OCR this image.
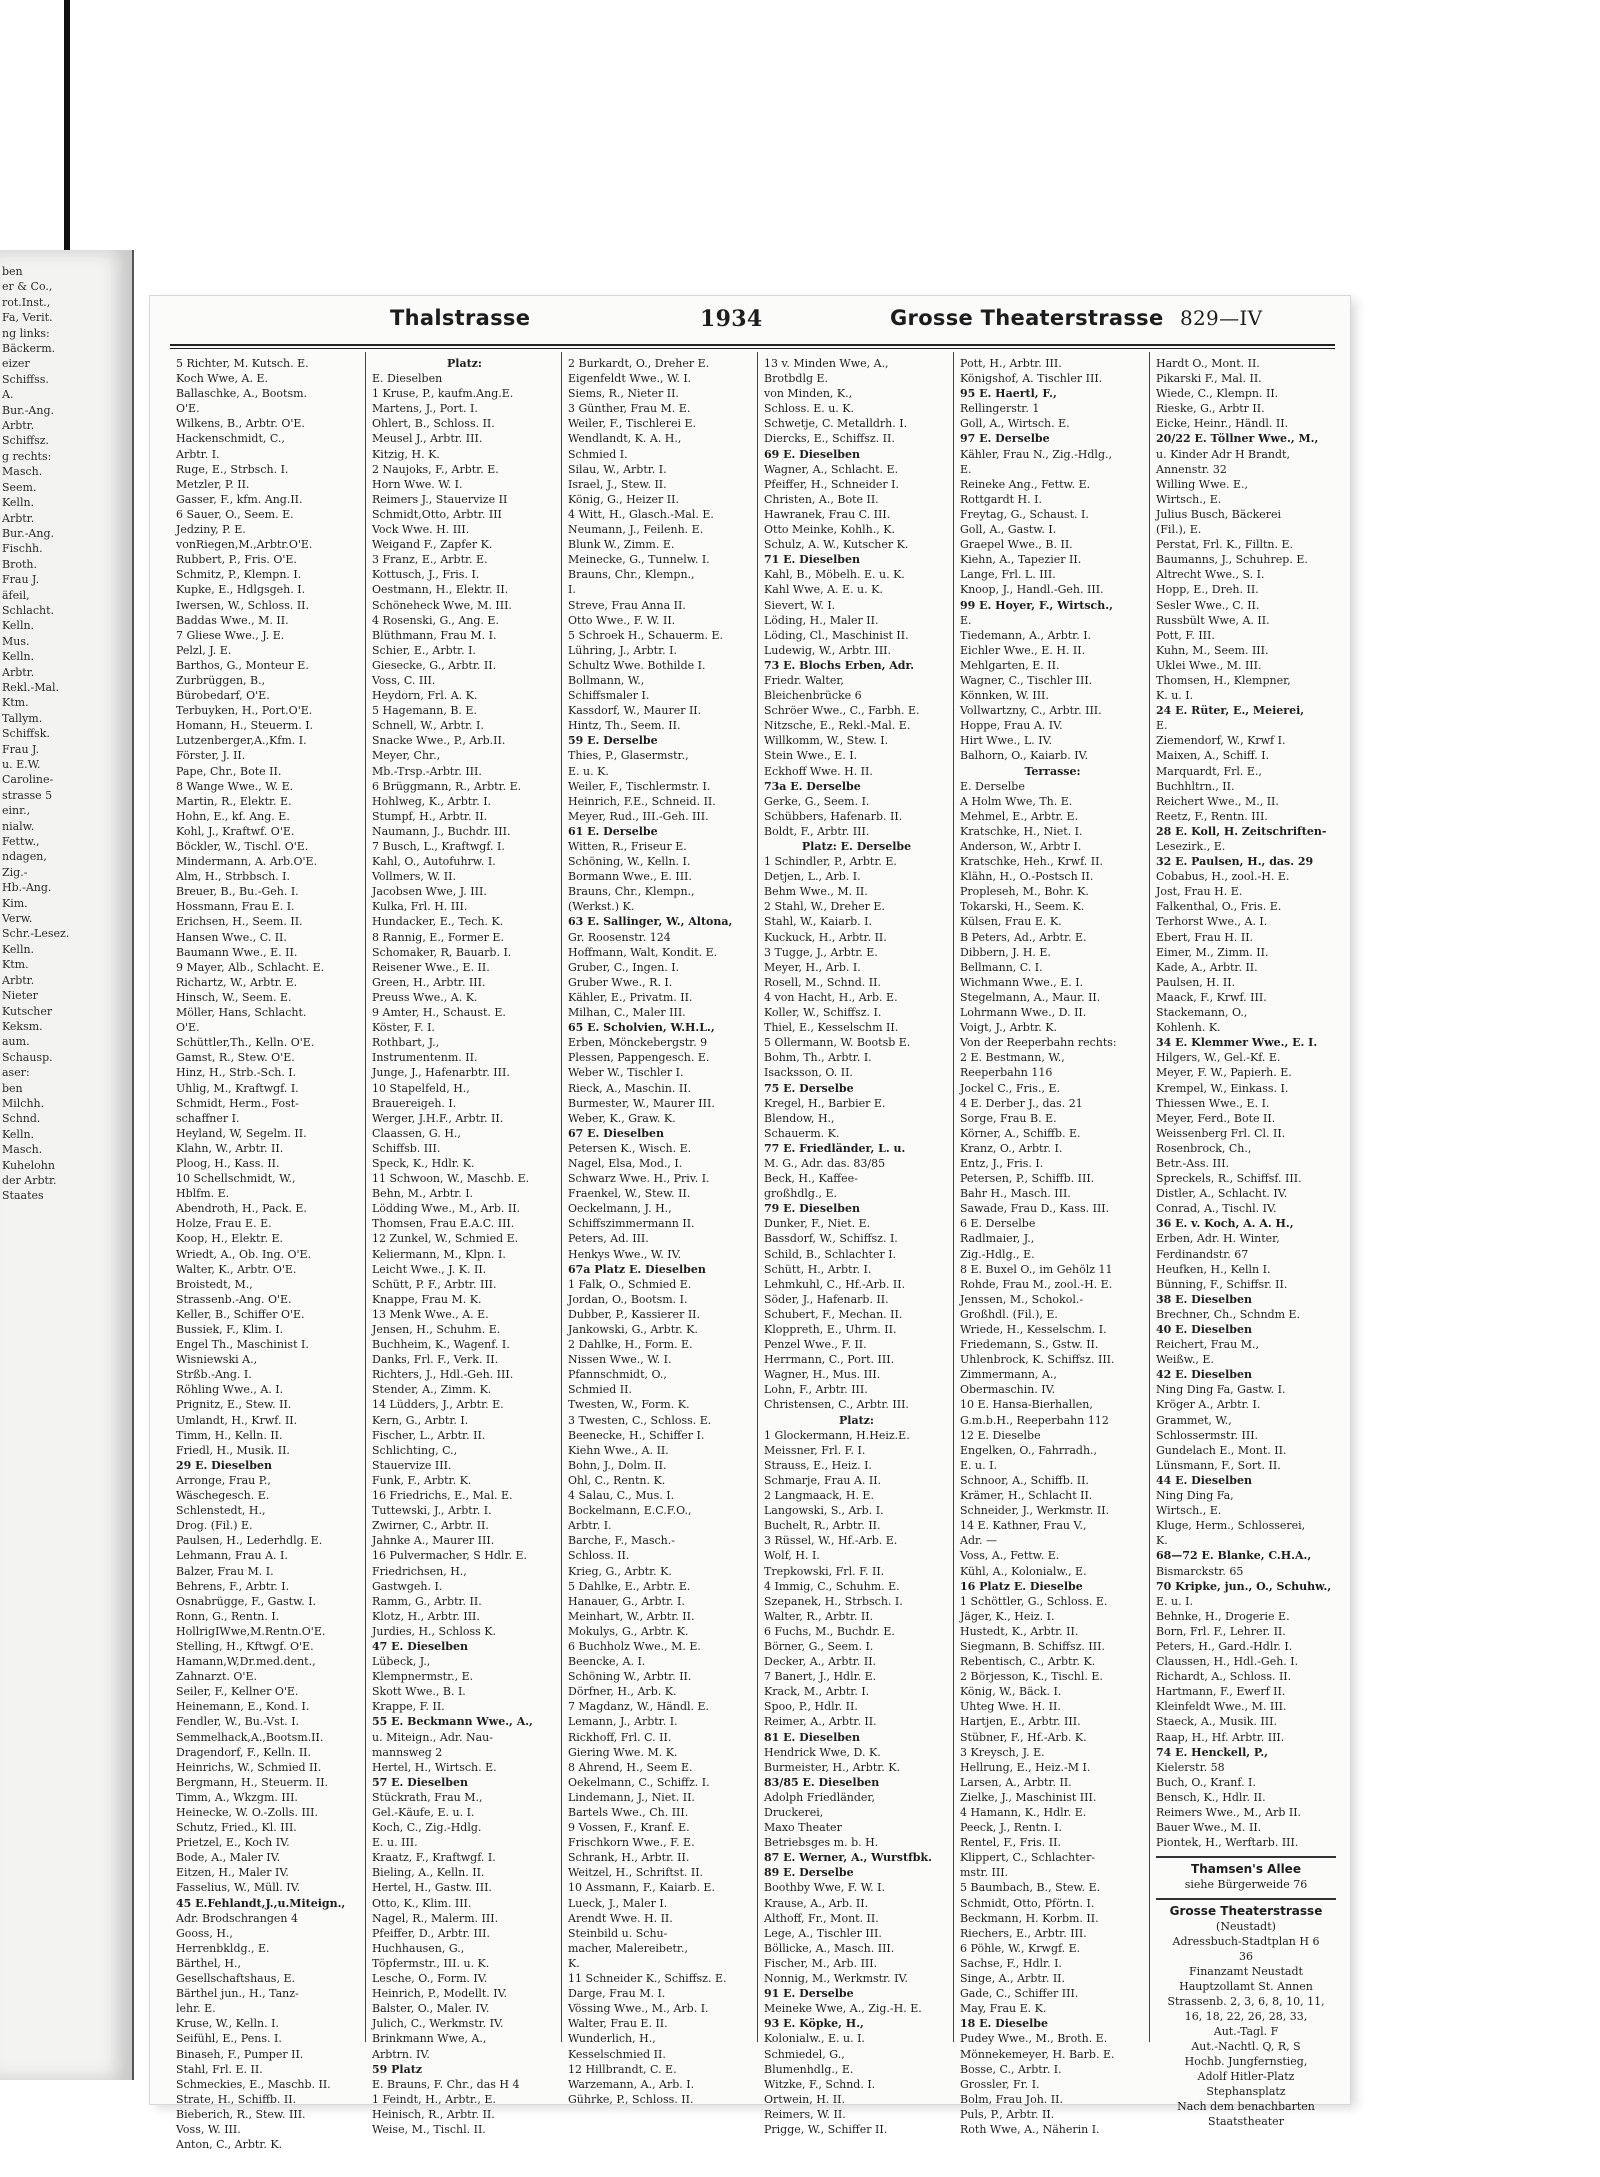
ben
er & Co.,
rot.Inst.,
Fa, Verit.
ng links:
Bäckerm.
eizer
Schiffss.
A.
Bur.-Ang.
Arbtr.
Schiffsz.
g rechts:
Masch.
Seem.
Kelln.
Arbtr.
Bur.-Ang.
Fischh.
Broth.
Frau J.
äfeil,
Schlacht.
Kelln.
Mus.
Kelln.
Arbtr.
Rekl.-Mal.
Ktm.
Tallym.
Schiffsk.
Frau J.
u. E.W.
Caroline-
strasse 5
einr.,
nialw.
Fettw.,
ndagen,
Zig.-
Hb.-Ang.
Kim.
Verw.
Schr.-Lesez.
Kelln.
Ktm.
Arbtr.
Nieter
Kutscher
Keksm.
aum.
Schausp.
aser:
ben
Milchh.
Schnd.
Kelln.
Masch.
Kuhelohn
der Arbtr.
Staates
Thalstrasse	1934	Grosse Theaterstrasse 829—IV
5 Richter, M. Kutsch. E.
Koch Wwe, A. E.
Ballaschke, A., Bootsm.
O'E.
Wilkens, B., Arbtr. O'E.
Hackenschmidt, C.,
Arbtr. I.
Ruge, E., Strbsch. I.
Metzler, P. II.
Gasser, F., kfm. Ang.II.
6 Sauer, O., Seem. E.
Jedziny, P. E.
vonRiegen,M.,Arbtr.O'E.
Rubbert, P., Fris. O'E.
Schmitz, P., Klempn. I.
Kupke, E., Hdlgsgeh. I.
Iwersen, W., Schloss. II.
Baddas Wwe., M. II.
7 Gliese Wwe., J. E.
Pelzl, J. E.
Barthos, G., Monteur E.
Zurbrüggen, B.,
Bürobedarf, O'E.
Terbuyken, H., Port.O'E.
Homann, H., Steuerm. I.
Lutzenberger,A.,Kfm. I.
Förster, J. II.
Pape, Chr., Bote II.
8 Wange Wwe., W. E.
Martin, R., Elektr. E.
Hohn, E., kf. Ang. E.
Kohl, J., Kraftwf. O'E.
Böckler, W., Tischl. O'E.
Mindermann, A. Arb.O'E.
Alm, H., Strbbsch. I.
Breuer, B., Bu.-Geh. I.
Hossmann, Frau E. I.
Erichsen, H., Seem. II.
Hansen Wwe., C. II.
Baumann Wwe., E. II.
9 Mayer, Alb., Schlacht. E.
Richartz, W., Arbtr. E.
Hinsch, W., Seem. E.
Möller, Hans, Schlacht.
O'E.
Schüttler,Th., Kelln. O'E.
Gamst, R., Stew. O'E.
Hinz, H., Strb.-Sch. I.
Uhlig, M., Kraftwgf. I.
Schmidt, Herm., Fost-
schaffner I.
Heyland, W, Segelm. II.
Klahn, W., Arbtr. II.
Ploog, H., Kass. II.
10 Schellschmidt, W.,
Hblfm. E.
Abendroth, H., Pack. E.
Holze, Frau E. E.
Koop, H., Elektr. E.
Wriedt, A., Ob. Ing. O'E.
Walter, K., Arbtr. O'E.
Broistedt, M.,
Strassenb.-Ang. O'E.
Keller, B., Schiffer O'E.
Bussiek, F., Klim. I.
Engel Th., Maschinist I.
Wisniewski A.,
Strßb.-Ang. I.
Röhling Wwe., A. I.
Prignitz, E., Stew. II.
Umlandt, H., Krwf. II.
Timm, H., Kelln. II.
Friedl, H., Musik. II.
29 E. Dieselben
Arronge, Frau P.,
Wäschegesch. E.
Schlenstedt, H.,
Drog. (Fil.) E.
Paulsen, H., Lederhdlg. E.
Lehmann, Frau A. I.
Balzer, Frau M. I.
Behrens, F., Arbtr. I.
Osnabrügge, F., Gastw. I.
Ronn, G., Rentn. I.
HollrigIWwe,M.Rentn.O'E.
Stelling, H., Kftwgf. O'E.
Hamann,W,Dr.med.dent.,
Zahnarzt. O'E.
Seiler, F., Kellner O'E.
Heinemann, E., Kond. I.
Fendler, W., Bu.-Vst. I.
Semmelhack,A.,Bootsm.II.
Dragendorf, F., Kelln. II.
Heinrichs, W., Schmied II.
Bergmann, H., Steuerm. II.
Timm, A., Wkzgm. III.
Heinecke, W. O.-Zolls. III.
Schutz, Fried., Kl. III.
Prietzel, E., Koch IV.
Bode, A., Maler IV.
Eitzen, H., Maler IV.
Fasselius, W., Müll. IV.
45 E.Fehlandt,J.,u.Miteign.,
Adr. Brodschrangen 4
Gooss, H.,
Herrenbkldg., E.
Bärthel, H.,
Gesellschaftshaus, E.
Bärthel jun., H., Tanz-
lehr. E.
Kruse, W., Kelln. I.
Seifühl, E., Pens. I.
Binaseh, F., Pumper II.
Stahl, Frl. E. II.
Schmeckies, E., Maschb. II.
Strate, H., Schiffb. II.
Bieberich, R., Stew. III.
Voss, W. III.
Anton, C., Arbtr. K.
Platz:
E. Dieselben
1 Kruse, P., kaufm.Ang.E.
Martens, J., Port. I.
Ohlert, B., Schloss. II.
Meusel J., Arbtr. III.
Kitzig, H. K.
2 Naujoks, F., Arbtr. E.
Horn Wwe. W. I.
Reimers J., Stauervize II
Schmidt,Otto, Arbtr. III
Vock Wwe. H. III.
Weigand F., Zapfer K.
3 Franz, E., Arbtr. E.
Kottusch, J., Fris. I.
Oestmann, H., Elektr. II.
Schöneheck Wwe, M. III.
4 Rosenski, G., Ang. E.
Blüthmann, Frau M. I.
Schier, E., Arbtr. I.
Giesecke, G., Arbtr. II.
Voss, C. III.
Heydorn, Frl. A. K.
5 Hagemann, B. E.
Schnell, W., Arbtr. I.
Snacke Wwe., P., Arb.II.
Meyer, Chr.,
Mb.-Trsp.-Arbtr. III.
6 Brüggmann, R., Arbtr. E.
Hohlweg, K., Arbtr. I.
Stumpf, H., Arbtr. II.
Naumann, J., Buchdr. III.
7 Busch, L., Kraftwgf. I.
Kahl, O., Autofuhrw. I.
Vollmers, W. II.
Jacobsen Wwe, J. III.
Kulka, Frl. H. III.
Hundacker, E., Tech. K.
8 Rannig, E., Former E.
Schomaker, R, Bauarb. I.
Reisener Wwe., E. II.
Green, H., Arbtr. III.
Preuss Wwe., A. K.
9 Amter, H., Schaust. E.
Köster, F. I.
Rothbart, J.,
Instrumentenm. II.
Junge, J., Hafenarbtr. III.
10 Stapelfeld, H.,
Brauereigeh. I.
Werger, J.H.F., Arbtr. II.
Claassen, G. H.,
Schiffsb. III.
Speck, K., Hdlr. K.
11 Schwoon, W., Maschb. E.
Behn, M., Arbtr. I.
Lödding Wwe., M., Arb. II.
Thomsen, Frau E.A.C. III.
12 Zunkel, W., Schmied E.
Keliermann, M., Klpn. I.
Leicht Wwe., J. K. II.
Schütt, P. F., Arbtr. III.
Knappe, Frau M. K.
13 Menk Wwe., A. E.
Jensen, H., Schuhm. E.
Buchheim, K., Wagenf. I.
Danks, Frl. F., Verk. II.
Richters, J., Hdl.-Geh. III.
Stender, A., Zimm. K.
14 Lüdders, J., Arbtr. E.
Kern, G., Arbtr. I.
Fischer, L., Arbtr. II.
Schlichting, C.,
Stauervize III.
Funk, F., Arbtr. K.
16 Friedrichs, E., Mal. E.
Tuttewski, J., Arbtr. I.
Zwirner, C., Arbtr. II.
Jahnke A., Maurer III.
16 Pulvermacher, S Hdlr. E.
Friedrichsen, H.,
Gastwgeh. I.
Ramm, G., Arbtr. II.
Klotz, H., Arbtr. III.
Jurdies, H., Schloss K.
47 E. Dieselben
Lübeck, J.,
Klempnermstr., E.
Skott Wwe., B. I.
Krappe, F. II.
55 E. Beckmann Wwe., A.,
u. Miteign., Adr. Nau-
mannsweg 2
Hertel, H., Wirtsch. E.
57 E. Dieselben
Stückrath, Frau M.,
Gel.-Käufe, E. u. I.
Koch, C., Zig.-Hdlg.
E. u. III.
Kraatz, F., Kraftwgf. I.
Bieling, A., Kelln. II.
Hertel, H., Gastw. III.
Otto, K., Klim. III.
Nagel, R., Malerm. III.
Pfeiffer, D., Arbtr. III.
Huchhausen, G.,
Töpfermstr., III. u. K.
Lesche, O., Form. IV.
Heinrich, P., Modellt. IV.
Balster, O., Maler. IV.
Julich, C., Werkmstr. IV.
Brinkmann Wwe, A.,
Arbtrn. IV.
59 Platz
E. Brauns, F. Chr., das H 4
1 Feindt, H., Arbtr., E.
Heinisch, R., Arbtr. II.
Weise, M., Tischl. II.
2 Burkardt, O., Dreher E.
Eigenfeldt Wwe., W. I.
Siems, R., Nieter II.
3 Günther, Frau M. E.
Weiler, F., Tischlerei E.
Wendlandt, K. A. H.,
Schmied I.
Silau, W., Arbtr. I.
Israel, J., Stew. II.
König, G., Heizer II.
4 Witt, H., Glasch.-Mal. E.
Neumann, J., Feilenh. E.
Blunk W., Zimm. E.
Meinecke, G., Tunnelw. I.
Brauns, Chr., Klempn.,
I.
Streve, Frau Anna II.
Otto Wwe., F. W. II.
5 Schroek H., Schauerm. E.
Lühring, J., Arbtr. I.
Schultz Wwe. Bothilde I.
Bollmann, W.,
Schiffsmaler I.
Kassdorf, W., Maurer II.
Hintz, Th., Seem. II.
59 E. Derselbe
Thies, P., Glasermstr.,
E. u. K.
Weiler, F., Tischlermstr. I.
Heinrich, F.E., Schneid. II.
Meyer, Rud., III.-Geh. III.
61 E. Derselbe
Witten, R., Friseur E.
Schöning, W., Kelln. I.
Bormann Wwe., E. III.
Brauns, Chr., Klempn.,
(Werkst.) K.
63 E. Sallinger, W., Altona,
Gr. Roosenstr. 124
Hoffmann, Walt, Kondit. E.
Gruber, C., Ingen. I.
Gruber Wwe., R. I.
Kähler, E., Privatm. II.
Milhan, C., Maler III.
65 E. Scholvien, W.H.L.,
Erben, Mönckebergstr. 9
Plessen, Pappengesch. E.
Weber W., Tischler I.
Rieck, A., Maschin. II.
Burmester, W., Maurer III.
Weber, K., Graw. K.
67 E. Dieselben
Petersen K., Wisch. E.
Nagel, Elsa, Mod., I.
Schwarz Wwe. H., Priv. I.
Fraenkel, W., Stew. II.
Oeckelmann, J. H.,
Schiffszimmermann II.
Peters, Ad. III.
Henkys Wwe., W. IV.
67a Platz E. Dieselben
1 Falk, O., Schmied E.
Jordan, O., Bootsm. I.
Dubber, P., Kassierer II.
Jankowski, G., Arbtr. K.
2 Dahlke, H., Form. E.
Nissen Wwe., W. I.
Pfannschmidt, O.,
Schmied II.
Twesten, W., Form. K.
3 Twesten, C., Schloss. E.
Beenecke, H., Schiffer I.
Kiehn Wwe., A. II.
Bohn, J., Dolm. II.
Ohl, C., Rentn. K.
4 Salau, C., Mus. I.
Bockelmann, E.C.F.O.,
Arbtr. I.
Barche, F., Masch.-
Schloss. II.
Krieg, G., Arbtr. K.
5 Dahlke, E., Arbtr. E.
Hanauer, G., Arbtr. I.
Meinhart, W., Arbtr. II.
Mokulys, G., Arbtr. K.
6 Buchholz Wwe., M. E.
Beencke, A. I.
Schöning W., Arbtr. II.
Dörfner, H., Arb. K.
7 Magdanz, W., Händl. E.
Lemann, J., Arbtr. I.
Rickhoff, Frl. C. II.
Giering Wwe. M. K.
8 Ahrend, H., Seem E.
Oekelmann, C., Schiffz. I.
Lindemann, J., Niet. II.
Bartels Wwe., Ch. III.
9 Vossen, F., Kranf. E.
Frischkorn Wwe., F. E.
Schrank, H., Arbtr. II.
Weitzel, H., Schriftst. II.
10 Assmann, F., Kaiarb. E.
Lueck, J., Maler I.
Arendt Wwe. H. II.
Steinbild u. Schu-
macher, Malereibetr.,
K.
11 Schneider K., Schiffsz. E.
Darge, Frau M. I.
Vössing Wwe., M., Arb. I.
Walter, Frau E. II.
Wunderlich, H.,
Kesselschmied II.
12 Hillbrandt, C. E.
Warzemann, A., Arb. I.
Gührke, P., Schloss. II.
13 v. Minden Wwe, A.,
Brotbdlg E.
von Minden, K.,
Schloss. E. u. K.
Schwetje, C. Metalldrh. I.
Diercks, E., Schiffsz. II.
69 E. Dieselben
Wagner, A., Schlacht. E.
Pfeiffer, H., Schneider I.
Christen, A., Bote II.
Hawranek, Frau C. III.
Otto Meinke, Kohlh., K.
Schulz, A. W., Kutscher K.
71 E. Dieselben
Kahl, B., Möbelh. E. u. K.
Kahl Wwe, A. E. u. K.
Sievert, W. I.
Löding, H., Maler II.
Löding, Cl., Maschinist II.
Ludewig, W., Arbtr. III.
73 E. Blochs Erben, Adr.
Friedr. Walter,
Bleichenbrücke 6
Schröer Wwe., C., Farbh. E.
Nitzsche, E., Rekl.-Mal. E.
Willkomm, W., Stew. I.
Stein Wwe., E. I.
Eckhoff Wwe. H. II.
73a E. Derselbe
Gerke, G., Seem. I.
Schübbers, Hafenarb. II.
Boldt, F., Arbtr. III.
Platz: E. Derselbe
1 Schindler, P., Arbtr. E.
Detjen, L., Arb. I.
Behm Wwe., M. II.
2 Stahl, W., Dreher E.
Stahl, W., Kaiarb. I.
Kuckuck, H., Arbtr. II.
3 Tugge, J., Arbtr. E.
Meyer, H., Arb. I.
Rosell, M., Schnd. II.
4 von Hacht, H., Arb. E.
Koller, W., Schiffsz. I.
Thiel, E., Kesselschm II.
5 Ollermann, W. Bootsb E.
Bohm, Th., Arbtr. I.
Isacksson, O. II.
75 E. Derselbe
Kregel, H., Barbier E.
Blendow, H.,
Schauerm. K.
77 E. Friedländer, L. u.
M. G., Adr. das. 83/85
Beck, H., Kaffee-
großhdlg., E.
79 E. Dieselben
Dunker, F., Niet. E.
Bassdorf, W., Schiffsz. I.
Schild, B., Schlachter I.
Schütt, H., Arbtr. I.
Lehmkuhl, C., Hf.-Arb. II.
Söder, J., Hafenarb. II.
Schubert, F., Mechan. II.
Kloppreth, E., Uhrm. II.
Penzel Wwe., F. II.
Herrmann, C., Port. III.
Wagner, H., Mus. III.
Lohn, F., Arbtr. III.
Christensen, C., Arbtr. III.
Platz:
1 Glockermann, H.Heiz.E.
Meissner, Frl. F. I.
Strauss, E., Heiz. I.
Schmarje, Frau A. II.
2 Langmaack, H. E.
Langowski, S., Arb. I.
Buchelt, R., Arbtr. II.
3 Rüssel, W., Hf.-Arb. E.
Wolf, H. I.
Trepkowski, Frl. F. II.
4 Immig, C., Schuhm. E.
Szepanek, H., Strbsch. I.
Walter, R., Arbtr. II.
6 Fuchs, M., Buchdr. E.
Börner, G., Seem. I.
Decker, A., Arbtr. II.
7 Banert, J., Hdlr. E.
Krack, M., Arbtr. I.
Spoo, P., Hdlr. II.
Reimer, A., Arbtr. II.
81 E. Dieselben
Hendrick Wwe, D. K.
Burmeister, H., Arbtr. K.
83/85 E. Dieselben
Adolph Friedländer,
Druckerei,
Maxo Theater
Betriebsges m. b. H.
87 E. Werner, A., Wurstfbk.
89 E. Derselbe
Boothby Wwe, F. W. I.
Krause, A., Arb. II.
Althoff, Fr., Mont. II.
Lege, A., Tischler III.
Böllicke, A., Masch. III.
Fischer, M., Arb. III.
Nonnig, M., Werkmstr. IV.
91 E. Derselbe
Meineke Wwe, A., Zig.-H. E.
93 E. Köpke, H.,
Kolonialw., E. u. I.
Schmiedel, G.,
Blumenhdlg., E.
Witzke, F., Schnd. I.
Ortwein, H. II.
Reimers, W. II.
Prigge, W., Schiffer II.
Pott, H., Arbtr. III.
Königshof, A. Tischler III.
95 E. Haertl, F.,
Rellingerstr. 1
Goll, A., Wirtsch. E.
97 E. Derselbe
Kähler, Frau N., Zig.-Hdlg.,
E.
Reineke Ang., Fettw. E.
Rottgardt H. I.
Freytag, G., Schaust. I.
Goll, A., Gastw. I.
Graepel Wwe., B. II.
Kiehn, A., Tapezier II.
Lange, Frl. L. III.
Knoop, J., Handl.-Geh. III.
99 E. Hoyer, F., Wirtsch.,
E.
Tiedemann, A., Arbtr. I.
Eichler Wwe., E. H. II.
Mehlgarten, E. II.
Wagner, C., Tischler III.
Könnken, W. III.
Vollwartzny, C., Arbtr. III.
Hoppe, Frau A. IV.
Hirt Wwe., L. IV.
Balhorn, O., Kaiarb. IV.
Terrasse:
E. Derselbe
A Holm Wwe, Th. E.
Mehmel, E., Arbtr. E.
Kratschke, H., Niet. I.
Anderson, W., Arbtr I.
Kratschke, Heh., Krwf. II.
Klähn, H., O.-Postsch II.
Propleseh, M., Bohr. K.
Tokarski, H., Seem. K.
Külsen, Frau E. K.
B Peters, Ad., Arbtr. E.
Dibbern, J. H. E.
Bellmann, C. I.
Wichmann Wwe., E. I.
Stegelmann, A., Maur. II.
Lohrmann Wwe., D. II.
Voigt, J., Arbtr. K.
Von der Reeperbahn rechts:
2 E. Bestmann, W.,
Reeperbahn 116
Jockel C., Fris., E.
4 E. Derber J., das. 21
Sorge, Frau B. E.
Körner, A., Schiffb. E.
Kranz, O., Arbtr. I.
Entz, J., Fris. I.
Petersen, P., Schiffb. III.
Bahr H., Masch. III.
Sawade, Frau D., Kass. III.
6 E. Derselbe
Radlmaier, J.,
Zig.-Hdlg., E.
8 E. Buxel O., im Gehölz 11
Rohde, Frau M., zool.-H. E.
Jenssen, M., Schokol.-
Großhdl. (Fil.), E.
Wriede, H., Kesselschm. I.
Friedemann, S., Gstw. II.
Uhlenbrock, K. Schiffsz. III.
Zimmermann, A.,
Obermaschin. IV.
10 E. Hansa-Bierhallen,
G.m.b.H., Reeperbahn 112
12 E. Dieselbe
Engelken, O., Fahrradh.,
E. u. I.
Schnoor, A., Schiffb. II.
Krämer, H., Schlacht II.
Schneider, J., Werkmstr. II.
14 E. Kathner, Frau V.,
Adr. —
Voss, A., Fettw. E.
Kühl, A., Kolonialw., E.
16 Platz E. Dieselbe
1 Schöttler, G., Schloss. E.
Jäger, K., Heiz. I.
Hustedt, K., Arbtr. II.
Siegmann, B. Schiffsz. III.
Rebentisch, C., Arbtr. K.
2 Börjesson, K., Tischl. E.
König, W., Bäck. I.
Uhteg Wwe. H. II.
Hartjen, E., Arbtr. III.
Stübner, F., Hf.-Arb. K.
3 Kreysch, J. E.
Hellrung, E., Heiz.-M I.
Larsen, A., Arbtr. II.
Zielke, J., Maschinist III.
4 Hamann, K., Hdlr. E.
Peeck, J., Rentn. I.
Rentel, F., Fris. II.
Klippert, C., Schlachter-
mstr. III.
5 Baumbach, B., Stew. E.
Schmidt, Otto, Pförtn. I.
Beckmann, H. Korbm. II.
Riechers, E., Arbtr. III.
6 Pöhle, W., Krwgf. E.
Sachse, F., Hdlr. I.
Singe, A., Arbtr. II.
Gade, C., Schiffer III.
May, Frau E. K.
18 E. Dieselbe
Pudey Wwe., M., Broth. E.
Mönnekemeyer, H. Barb. E.
Bosse, C., Arbtr. I.
Grossler, Fr. I.
Bolm, Frau Joh. II.
Puls, P., Arbtr. II.
Roth Wwe, A., Näherin I.
Hardt O., Mont. II.
Pikarski F., Mal. II.
Wiede, C., Klempn. II.
Rieske, G., Arbtr II.
Eicke, Heinr., Händl. II.
20/22 E. Töllner Wwe., M.,
u. Kinder Adr H Brandt,
Annenstr. 32
Willing Wwe. E.,
Wirtsch., E.
Julius Busch, Bäckerei
(Fil.), E.
Perstat, Frl. K., Filltn. E.
Baumanns, J., Schuhrep. E.
Altrecht Wwe., S. I.
Hopp, E., Dreh. II.
Sesler Wwe., C. II.
Russbült Wwe, A. II.
Pott, F. III.
Kuhn, M., Seem. III.
Uklei Wwe., M. III.
Thomsen, H., Klempner,
K. u. I.
24 E. Rüter, E., Meierei,
E.
Ziemendorf, W., Krwf I.
Maixen, A., Schiff. I.
Marquardt, Frl. E.,
Buchhltrn., II.
Reichert Wwe., M., II.
Reetz, F., Rentn. III.
28 E. Koll, H. Zeitschriften-
Lesezirk., E.
32 E. Paulsen, H., das. 29
Cobabus, H., zool.-H. E.
Jost, Frau H. E.
Falkenthal, O., Fris. E.
Terhorst Wwe., A. I.
Ebert, Frau H. II.
Eimer, M., Zimm. II.
Kade, A., Arbtr. II.
Paulsen, H. II.
Maack, F., Krwf. III.
Stackemann, O.,
Kohlenh. K.
34 E. Klemmer Wwe., E. I.
Hilgers, W., Gel.-Kf. E.
Meyer, F. W., Papierh. E.
Krempel, W., Einkass. I.
Thiessen Wwe., E. I.
Meyer, Ferd., Bote II.
Weissenberg Frl. Cl. II.
Rosenbrock, Ch.,
Betr.-Ass. III.
Spreckels, R., Schiffsf. III.
Distler, A., Schlacht. IV.
Conrad, A., Tischl. IV.
36 E. v. Koch, A. A. H.,
Erben, Adr. H. Winter,
Ferdinandstr. 67
Heufken, H., Kelln I.
Bünning, F., Schiffsr. II.
38 E. Dieselben
Brechner, Ch., Schndm E.
40 E. Dieselben
Reichert, Frau M.,
Weißw., E.
42 E. Dieselben
Ning Ding Fa, Gastw. I.
Kröger A., Arbtr. I.
Grammet, W.,
Schlossermstr. III.
Gundelach E., Mont. II.
Lünsmann, F., Sort. II.
44 E. Dieselben
Ning Ding Fa,
Wirtsch., E.
Kluge, Herm., Schlosserei,
K.
68—72 E. Blanke, C.H.A.,
Bismarckstr. 65
70 Kripke, jun., O., Schuhw.,
E. u. I.
Behnke, H., Drogerie E.
Born, Frl. F., Lehrer. II.
Peters, H., Gard.-Hdlr. I.
Claussen, H., Hdl.-Geh. I.
Richardt, A., Schloss. II.
Hartmann, F., Ewerf II.
Kleinfeldt Wwe., M. III.
Staeck, A., Musik. III.
Raap, H., Hf. Arbtr. III.
74 E. Henckell, P.,
Kielerstr. 58
Buch, O., Kranf. I.
Bensch, K., Hdlr. II.
Reimers Wwe., M., Arb II.
Bauer Wwe., M. II.
Piontek, H., Werftarb. III.
Thamsen's Allee
siehe Bürgerweide 76
Grosse Theaterstrasse
(Neustadt)
Adressbuch-Stadtplan H 6
36
Finanzamt Neustadt
Hauptzollamt St. Annen
Strassenb. 2, 3, 6, 8, 10, 11,
16, 18, 22, 26, 28, 33,
Aut.-Tagl. F
Aut.-Nachtl. Q, R, S
Hochb. Jungfernstieg,
Adolf Hitler-Platz
Stephansplatz
Nach dem benachbarten
Staatstheater
